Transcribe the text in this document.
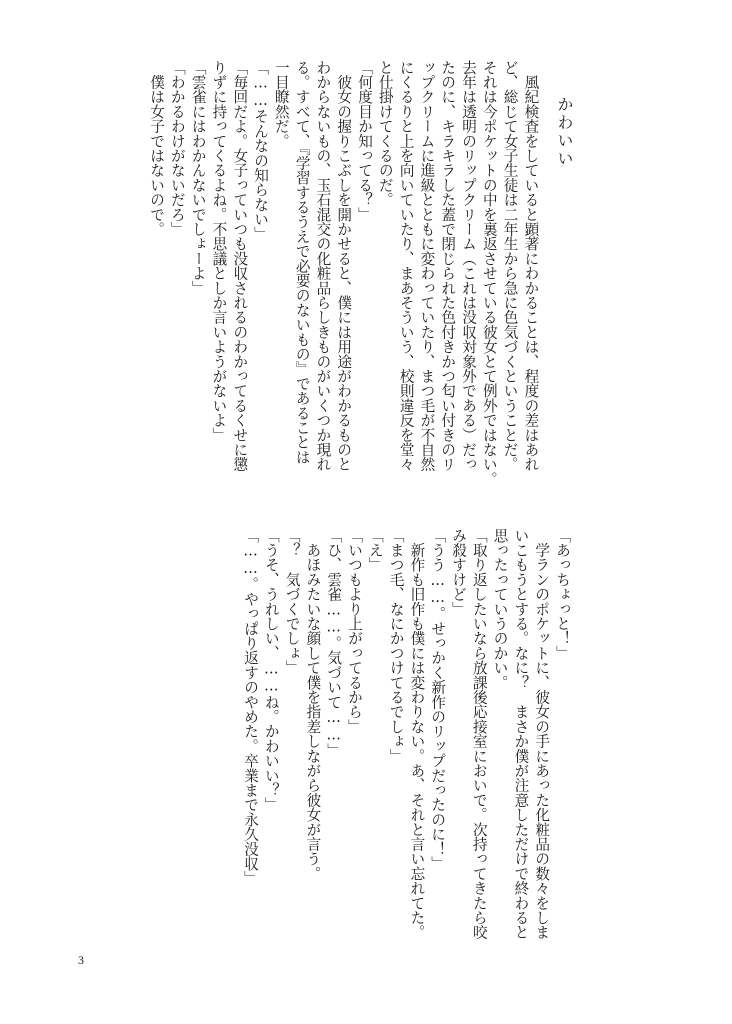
かわいい

　風紀検査をしていると顕著にわかることは、程度の差はあれ
ど、総じて女子生徒は二年生から急に色気づくということだ。
それは今ポケットの中を裏返させている彼女とて例外ではない。
去年は透明のリップクリーム（これは没収対象外である）だっ
たのに、キラキラした蓋で閉じられた色付きかつ匂い付きのリ
ップクリームに進級とともに変わっていたり、まつ毛が不自然
にくるりと上を向いていたり、まあそういう、校則違反を堂々
と仕掛けてくるのだ。
「何度目か知ってる？」
　彼女の握りこぶしを開かせると、僕には用途がわかるものと
わからないもの、玉石混交の化粧品らしきものがいくつか現れ
る。すべて、『学習するうえで必要のないもの』であることは
一目瞭然だ。
「……そんなの知らない」
「毎回だよ。女子っていつも没収されるのわかってるくせに懲
りずに持ってくるよね。不思議としか言いようがないよ」
「雲雀にはわかんないでしょーよ」
「わかるわけがないだろ」
　僕は女子ではないので。
「あっちょっと！」
　学ランのポケットに、彼女の手にあった化粧品の数々をしま
いこもうとする。なに？　まさか僕が注意しただけで終わると
思ったっていうのかい。
「取り返したいなら放課後応接室においで。次持ってきたら咬
み殺すけど」
「うう……。せっかく新作のリップだったのに！」
　新作も旧作も僕には変わりない。あ、それと言い忘れてた。
「まつ毛、なにかつけてるでしょ」
「え」
「いつもより上がってるから」
「ひ、雲雀……。気づいて……」
　あほみたいな顔して僕を指差しながら彼女が言う。
「？　気づくでしょ」
「うそ、うれしい、……ね。かわいい？」
「……。やっぱり返すのやめた。卒業まで永久没収」
3
